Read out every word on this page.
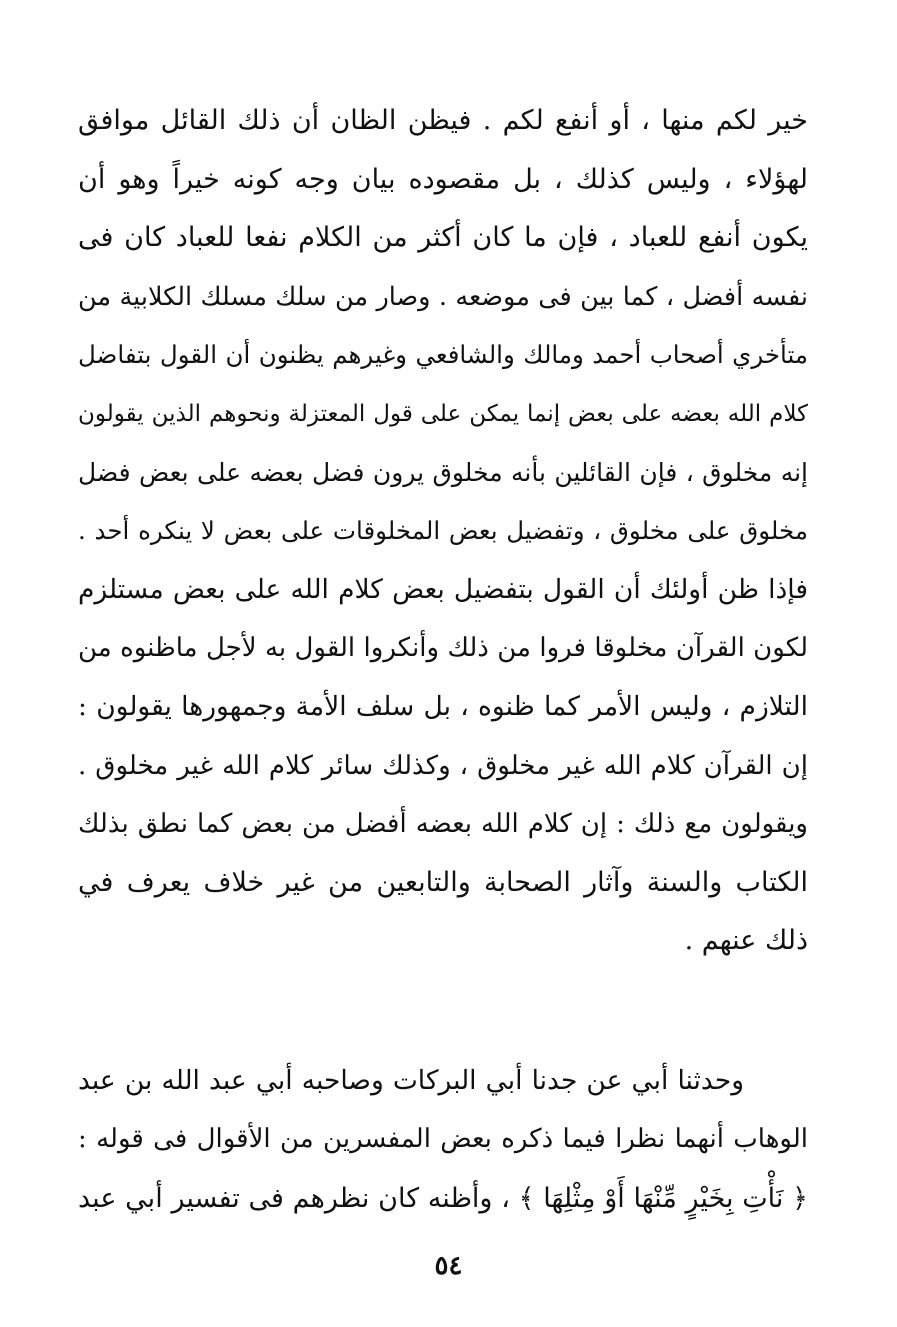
خير لكم منها ، أو أنفع لكم . فيظن الظان أن ذلك القائل موافق
لهؤلاء ، وليس كذلك ، بل مقصوده بيان وجه كونه خيراً وهو أن
يكون أنفع للعباد ، فإن ما كان أكثر من الكلام نفعا للعباد كان فى
نفسه أفضل ، كما بين فى موضعه . وصار من سلك مسلك الكلابية من
متأخري أصحاب أحمد ومالك والشافعي وغيرهم يظنون أن القول بتفاضل
كلام الله بعضه على بعض إنما يمكن على قول المعتزلة ونحوهم الذين يقولون
إنه مخلوق ، فإن القائلين بأنه مخلوق يرون فضل بعضه على بعض فضل
مخلوق على مخلوق ، وتفضيل بعض المخلوقات على بعض لا ينكره أحد .
فإذا ظن أولئك أن القول بتفضيل بعض كلام الله على بعض مستلزم
لكون القرآن مخلوقا فروا من ذلك وأنكروا القول به لأجل ماظنوه من
التلازم ، وليس الأمر كما ظنوه ، بل سلف الأمة وجمهورها يقولون :
إن القرآن كلام الله غير مخلوق ، وكذلك سائر كلام الله غير مخلوق .
ويقولون مع ذلك : إن كلام الله بعضه أفضل من بعض كما نطق بذلك
الكتاب والسنة وآثار الصحابة والتابعين من غير خلاف يعرف في
ذلك عنهم .
وحدثنا أبي عن جدنا أبي البركات وصاحبه أبي عبد الله بن عبد
الوهاب أنهما نظرا فيما ذكره بعض المفسرين من الأقوال فى قوله :
﴿ نَأْتِ بِخَيْرٍ مِّنْهَا أَوْ مِثْلِهَا ﴾ ، وأظنه كان نظرهم فى تفسير أبي عبد
٥٤
